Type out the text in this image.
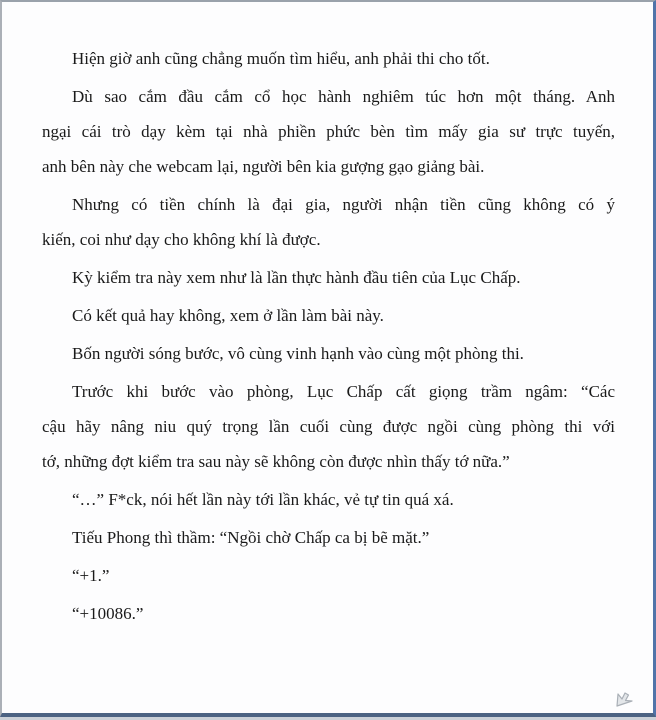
Hiện giờ anh cũng chẳng muốn tìm hiểu, anh phải thi cho tốt.
Dù sao cắm đầu cắm cổ học hành nghiêm túc hơn một tháng. Anh
ngại cái trò dạy kèm tại nhà phiền phức bèn tìm mấy gia sư trực tuyến,
anh bên này che webcam lại, người bên kia gượng gạo giảng bài.
Nhưng có tiền chính là đại gia, người nhận tiền cũng không có ý
kiến, coi như dạy cho không khí là được.
Kỳ kiểm tra này xem như là lần thực hành đầu tiên của Lục Chấp.
Có kết quả hay không, xem ở lần làm bài này.
Bốn người sóng bước, vô cùng vinh hạnh vào cùng một phòng thi.
Trước khi bước vào phòng, Lục Chấp cất giọng trầm ngâm: “Các
cậu hãy nâng niu quý trọng lần cuối cùng được ngồi cùng phòng thi với
tớ, những đợt kiểm tra sau này sẽ không còn được nhìn thấy tớ nữa.”
“…” F*ck, nói hết lần này tới lần khác, vẻ tự tin quá xá.
Tiếu Phong thì thầm: “Ngồi chờ Chấp ca bị bẽ mặt.”
“+1.”
“+10086.”
